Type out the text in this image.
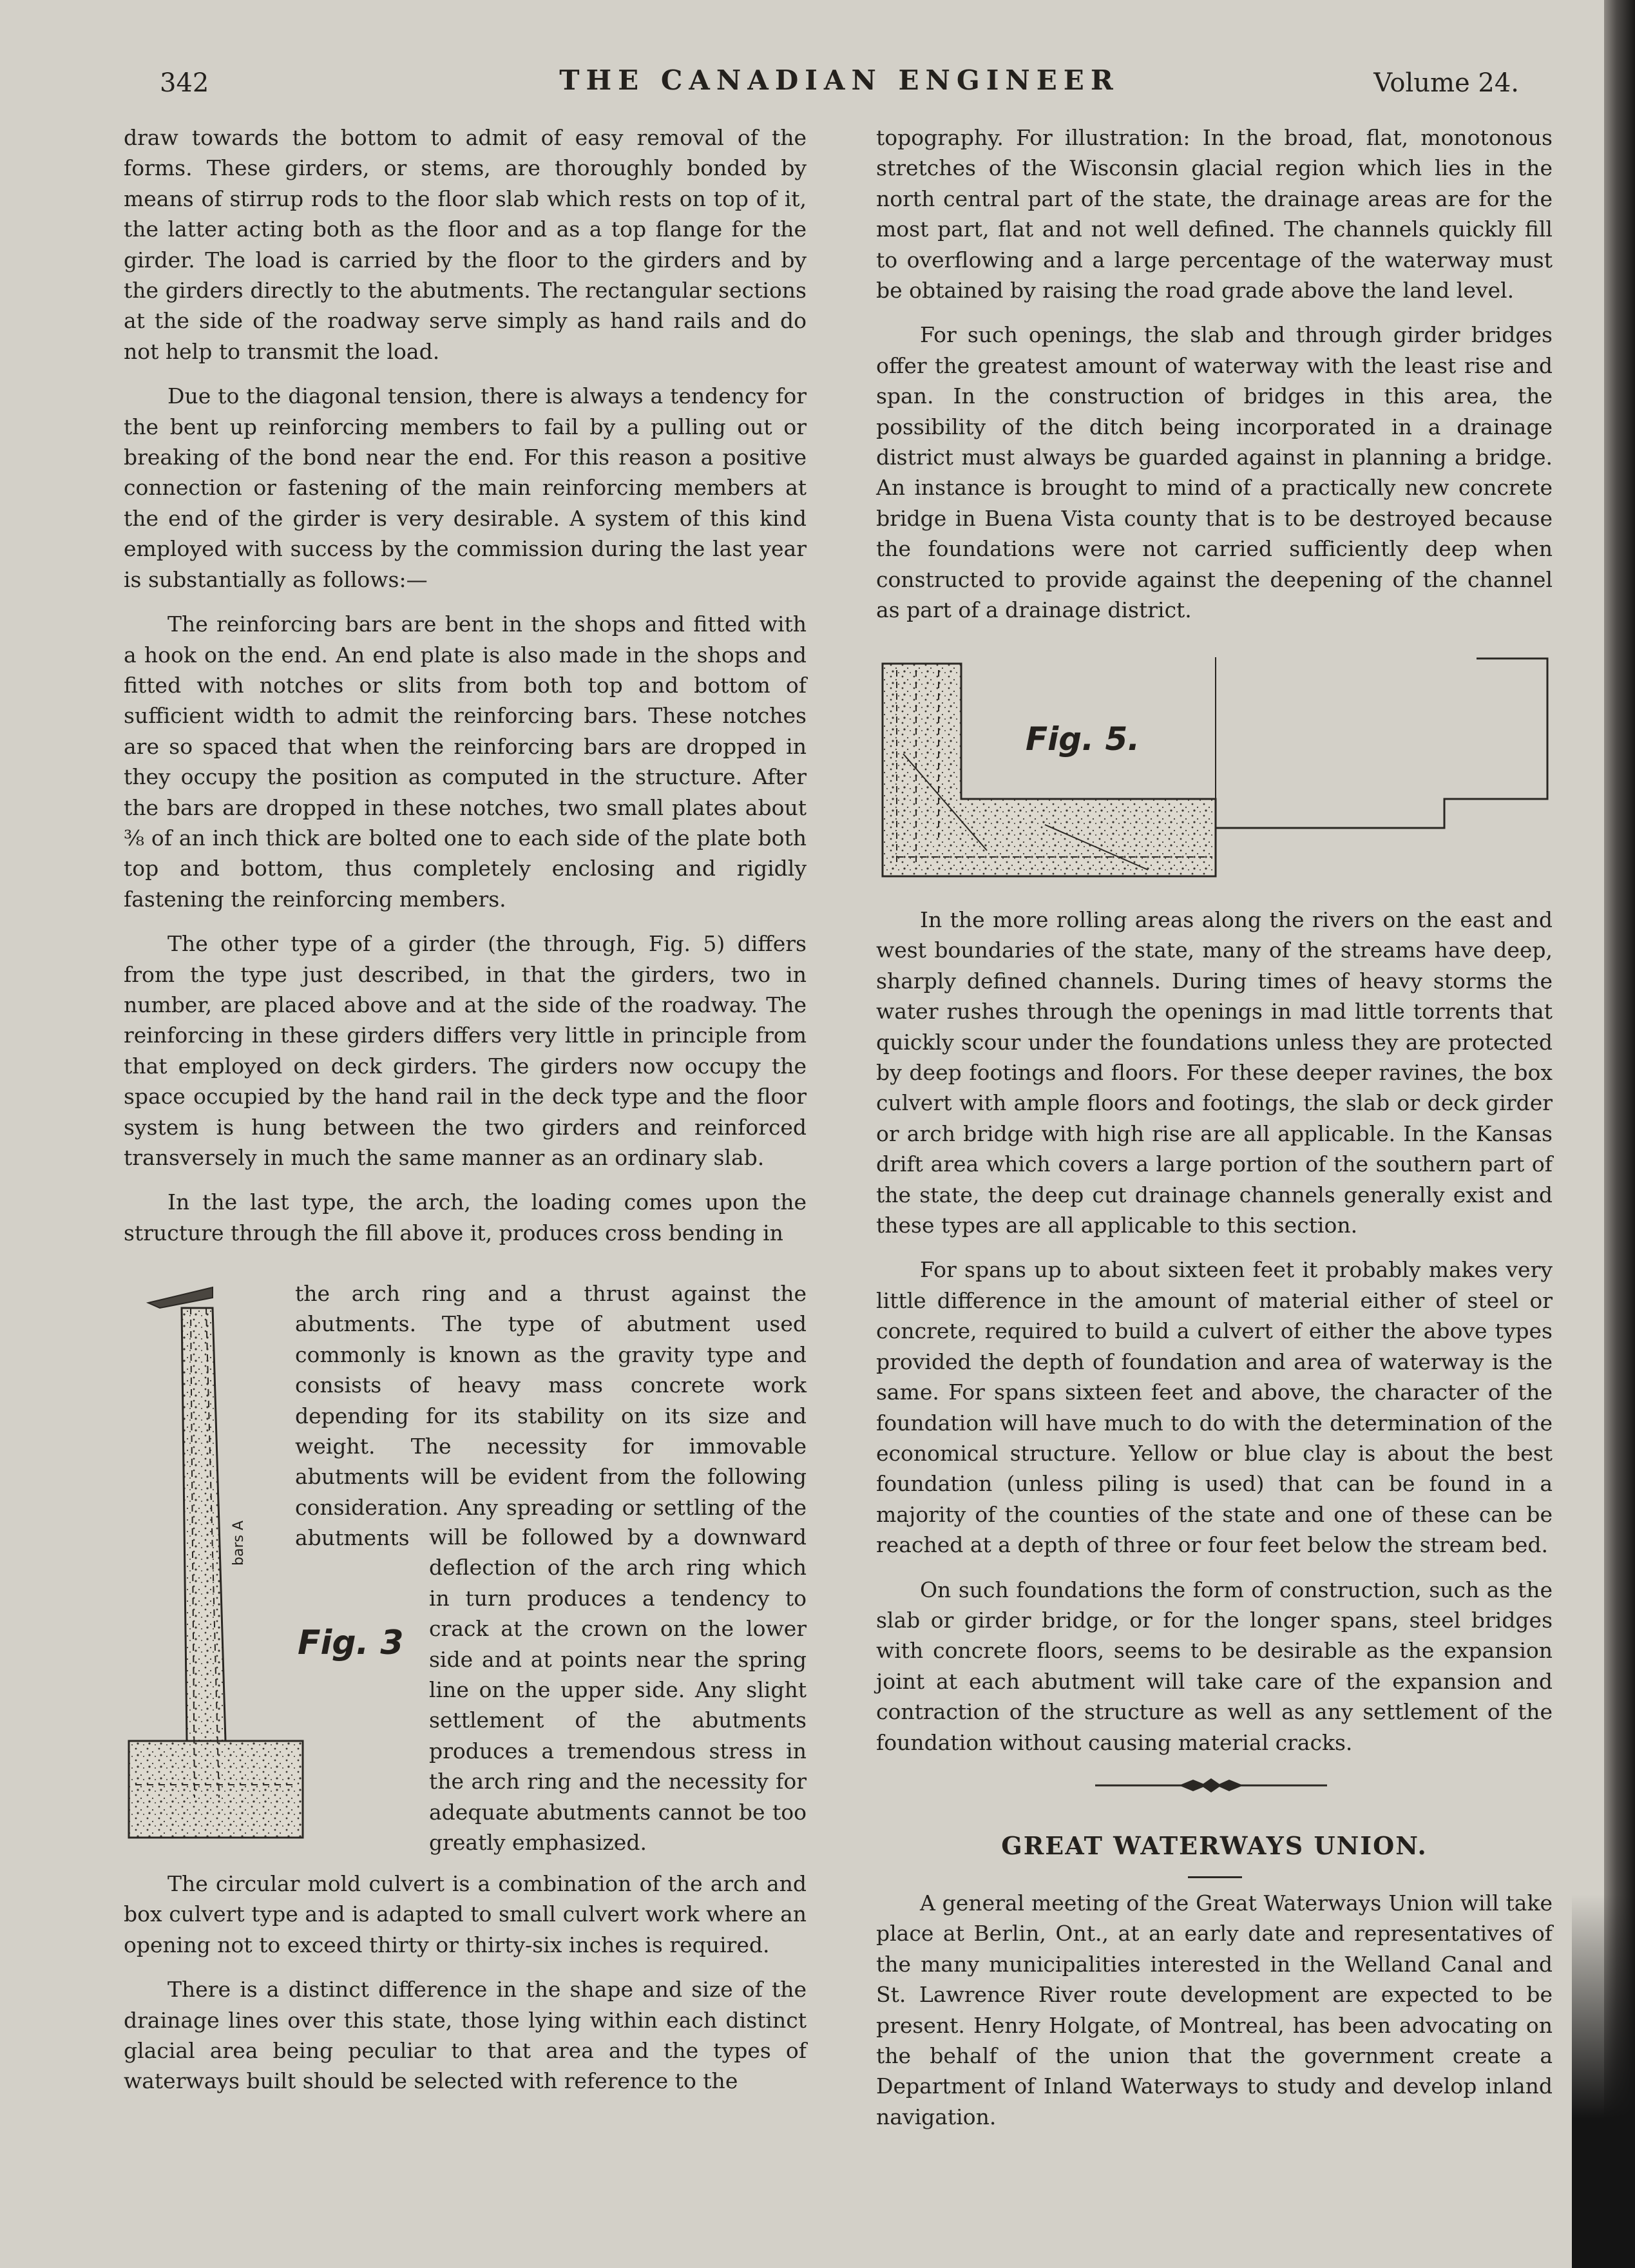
342	THE CANADIAN ENGINEER	Volume 24.

draw towards the bottom to admit of easy removal of the forms. These girders, or stems, are thoroughly bonded by means of stirrup rods to the floor slab which rests on top of it, the latter acting both as the floor and as a top flange for the girder. The load is carried by the floor to the girders and by the girders directly to the abutments. The rectangular sections at the side of the roadway serve simply as hand rails and do not help to transmit the load.

Due to the diagonal tension, there is always a tendency for the bent up reinforcing members to fail by a pulling out or breaking of the bond near the end. For this reason a positive connection or fastening of the main reinforcing members at the end of the girder is very desirable. A system of this kind employed with success by the commission during the last year is substantially as follows:—

The reinforcing bars are bent in the shops and fitted with a hook on the end. An end plate is also made in the shops and fitted with notches or slits from both top and bottom of sufficient width to admit the reinforcing bars. These notches are so spaced that when the reinforcing bars are dropped in they occupy the position as computed in the structure. After the bars are dropped in these notches, two small plates about ⅜ of an inch thick are bolted one to each side of the plate both top and bottom, thus completely enclosing and rigidly fastening the reinforcing members.

The other type of a girder (the through, Fig. 5) differs from the type just described, in that the girders, two in number, are placed above and at the side of the roadway. The reinforcing in these girders differs very little in principle from that employed on deck girders. The girders now occupy the space occupied by the hand rail in the deck type and the floor system is hung between the two girders and reinforced transversely in much the same manner as an ordinary slab.

In the last type, the arch, the loading comes upon the structure through the fill above it, produces cross bending in

the arch ring and a thrust against the abutments. The type of abutment used commonly is known as the gravity type and consists of heavy mass concrete work depending for its stability on its size and weight. The necessity for immovable abutments will be evident from the following consideration. Any spreading or settling of the abutments will be followed by a downward deflection of the arch ring which in turn produces a tendency to crack at the crown on the lower side and at points near the spring line on the upper side. Any slight settlement of the abutments produces a tremendous stress in the arch ring and the necessity for adequate abutments cannot be too greatly emphasized.

The circular mold culvert is a combination of the arch and box culvert type and is adapted to small culvert work where an opening not to exceed thirty or thirty-six inches is required.

There is a distinct difference in the shape and size of the drainage lines over this state, those lying within each distinct glacial area being peculiar to that area and the types of waterways built should be selected with reference to the

bars A
Fig. 3

topography. For illustration: In the broad, flat, monotonous stretches of the Wisconsin glacial region which lies in the north central part of the state, the drainage areas are for the most part, flat and not well defined. The channels quickly fill to overflowing and a large percentage of the waterway must be obtained by raising the road grade above the land level.

For such openings, the slab and through girder bridges offer the greatest amount of waterway with the least rise and span. In the construction of bridges in this area, the possibility of the ditch being incorporated in a drainage district must always be guarded against in planning a bridge. An instance is brought to mind of a practically new concrete bridge in Buena Vista county that is to be destroyed because the foundations were not carried sufficiently deep when constructed to provide against the deepening of the channel as part of a drainage district.

Fig. 5.

In the more rolling areas along the rivers on the east and west boundaries of the state, many of the streams have deep, sharply defined channels. During times of heavy storms the water rushes through the openings in mad little torrents that quickly scour under the foundations unless they are protected by deep footings and floors. For these deeper ravines, the box culvert with ample floors and footings, the slab or deck girder or arch bridge with high rise are all applicable. In the Kansas drift area which covers a large portion of the southern part of the state, the deep cut drainage channels generally exist and these types are all applicable to this section.

For spans up to about sixteen feet it probably makes very little difference in the amount of material either of steel or concrete, required to build a culvert of either the above types provided the depth of foundation and area of waterway is the same. For spans sixteen feet and above, the character of the foundation will have much to do with the determination of the economical structure. Yellow or blue clay is about the best foundation (unless piling is used) that can be found in a majority of the counties of the state and one of these can be reached at a depth of three or four feet below the stream bed.

On such foundations the form of construction, such as the slab or girder bridge, or for the longer spans, steel bridges with concrete floors, seems to be desirable as the expansion joint at each abutment will take care of the expansion and contraction of the structure as well as any settlement of the foundation without causing material cracks.

GREAT WATERWAYS UNION.

A general meeting of the Great Waterways Union will take place at Berlin, Ont., at an early date and representatives of the many municipalities interested in the Welland Canal and St. Lawrence River route development are expected to be present. Henry Holgate, of Montreal, has been advocating on the behalf of the union that the government create a Department of Inland Waterways to study and develop inland navigation.
